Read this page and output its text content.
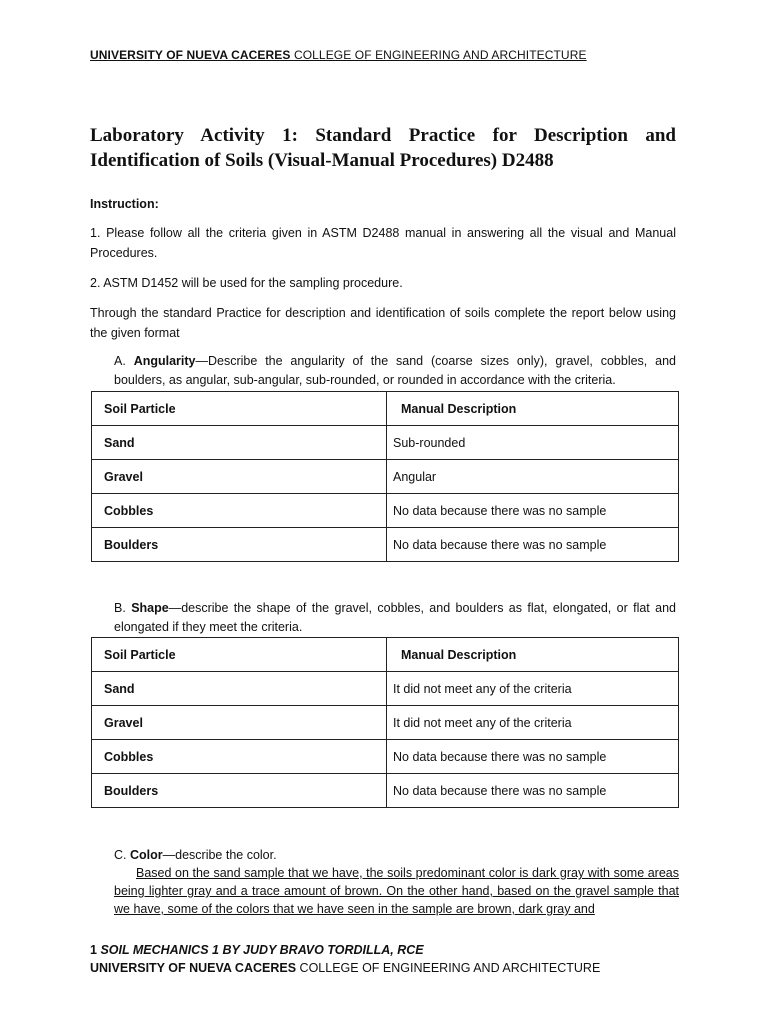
UNIVERSITY OF NUEVA CACERES COLLEGE OF ENGINEERING AND ARCHITECTURE
Laboratory Activity 1: Standard Practice for Description and Identification of Soils (Visual-Manual Procedures) D2488
Instruction:
1. Please follow all the criteria given in ASTM D2488 manual in answering all the visual and Manual Procedures.
2. ASTM D1452 will be used for the sampling procedure.
Through the standard Practice for description and identification of soils complete the report below using the given format
A. Angularity—Describe the angularity of the sand (coarse sizes only), gravel, cobbles, and boulders, as angular, sub-angular, sub-rounded, or rounded in accordance with the criteria.
Soil Particle	Manual Description
Sand	Sub-rounded
Gravel	Angular
Cobbles	No data because there was no sample
Boulders	No data because there was no sample
B. Shape—describe the shape of the gravel, cobbles, and boulders as flat, elongated, or flat and elongated if they meet the criteria.
Soil Particle	Manual Description
Sand	It did not meet any of the criteria
Gravel	It did not meet any of the criteria
Cobbles	No data because there was no sample
Boulders	No data because there was no sample
C. Color—describe the color.
Based on the sand sample that we have, the soils predominant color is dark gray with some areas being lighter gray and a trace amount of brown. On the other hand, based on the gravel sample that we have, some of the colors that we have seen in the sample are brown, dark gray and
1 SOIL MECHANICS 1 BY JUDY BRAVO TORDILLA, RCE
UNIVERSITY OF NUEVA CACERES COLLEGE OF ENGINEERING AND ARCHITECTURE
